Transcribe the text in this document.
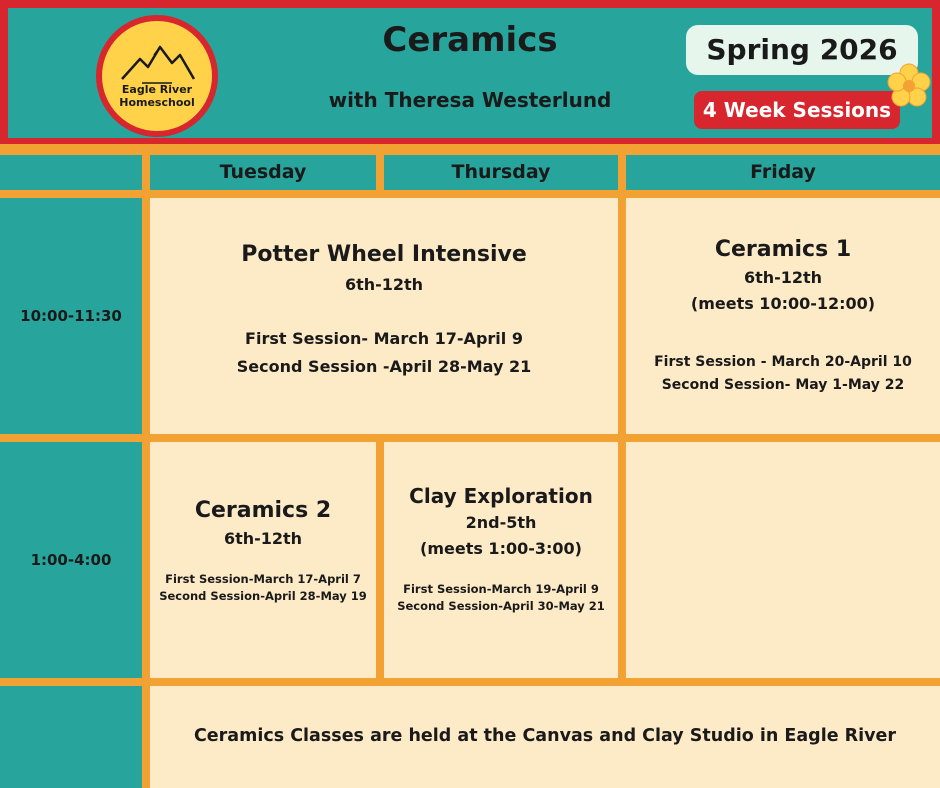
Eagle River
Homeschool
Ceramics
with Theresa Westerlund
Spring 2026
4 Week Sessions
Tuesday	Thursday	Friday
10:00-11:30
1:00-4:00
Potter Wheel Intensive
6th-12th
First Session- March 17-April 9
Second Session -April 28-May 21
Ceramics 1
6th-12th
(meets 10:00-12:00)
First Session - March 20-April 10
Second Session- May 1-May 22
Ceramics 2
6th-12th
First Session-March 17-April 7
Second Session-April 28-May 19
Clay Exploration
2nd-5th
(meets 1:00-3:00)
First Session-March 19-April 9
Second Session-April 30-May 21
Ceramics Classes are held at the Canvas and Clay Studio in Eagle River
